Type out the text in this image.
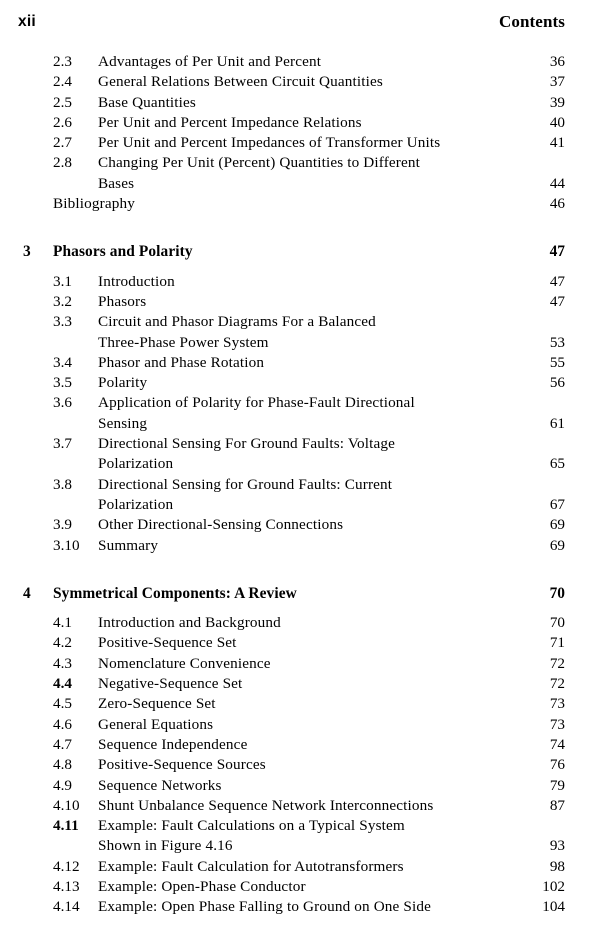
xii	Contents
2.3 Advantages of Per Unit and Percent	36
2.4 General Relations Between Circuit Quantities	37
2.5 Base Quantities	39
2.6 Per Unit and Percent Impedance Relations	40
2.7 Per Unit and Percent Impedances of Transformer Units	41
2.8 Changing Per Unit (Percent) Quantities to Different
Bases	44
Bibliography	46
3 Phasors and Polarity	47
3.1 Introduction	47
3.2 Phasors	47
3.3 Circuit and Phasor Diagrams For a Balanced
Three-Phase Power System	53
3.4 Phasor and Phase Rotation	55
3.5 Polarity	56
3.6 Application of Polarity for Phase-Fault Directional
Sensing	61
3.7 Directional Sensing For Ground Faults: Voltage
Polarization	65
3.8 Directional Sensing for Ground Faults: Current
Polarization	67
3.9 Other Directional-Sensing Connections	69
3.10 Summary	69
4 Symmetrical Components: A Review	70
4.1 Introduction and Background	70
4.2 Positive-Sequence Set	71
4.3 Nomenclature Convenience	72
4.4 Negative-Sequence Set	72
4.5 Zero-Sequence Set	73
4.6 General Equations	73
4.7 Sequence Independence	74
4.8 Positive-Sequence Sources	76
4.9 Sequence Networks	79
4.10 Shunt Unbalance Sequence Network Interconnections	87
4.11 Example: Fault Calculations on a Typical System
Shown in Figure 4.16	93
4.12 Example: Fault Calculation for Autotransformers	98
4.13 Example: Open-Phase Conductor	102
4.14 Example: Open Phase Falling to Ground on One Side	104
